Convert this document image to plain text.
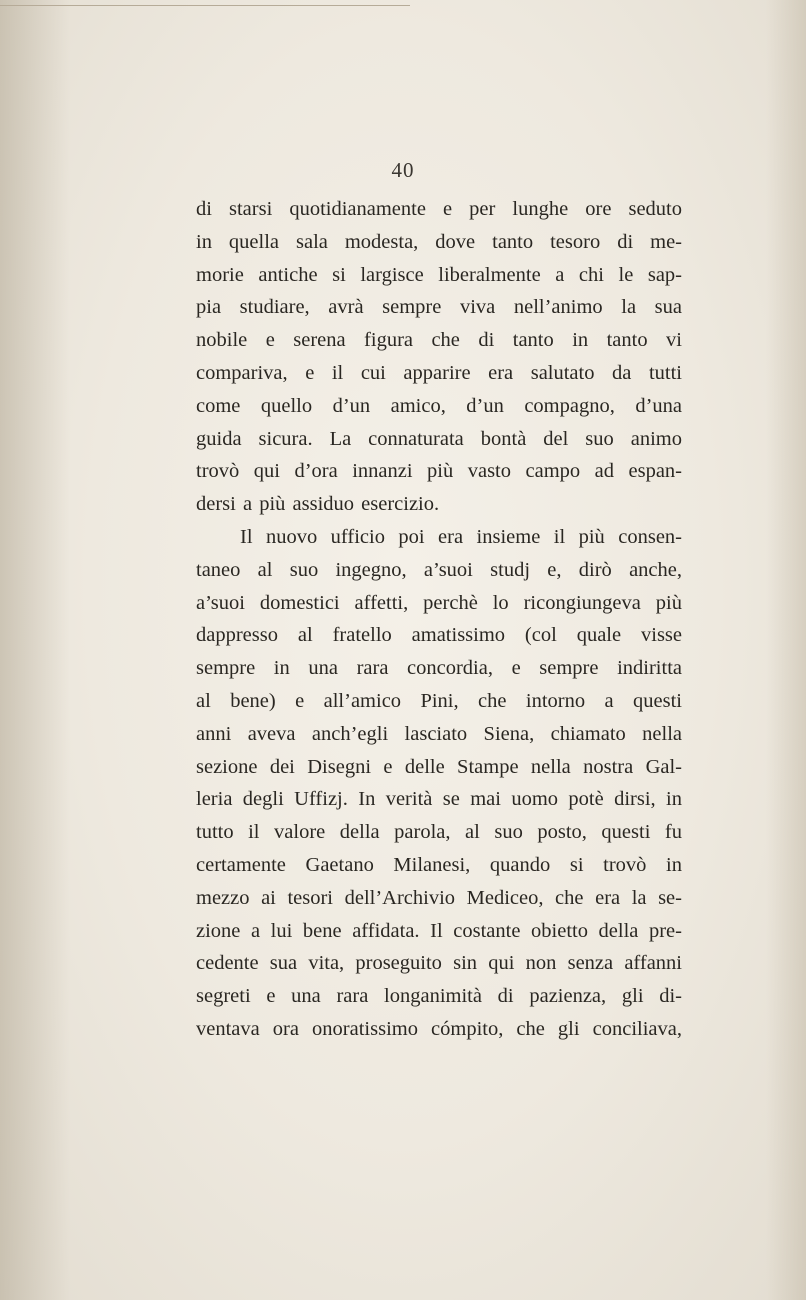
40
di starsi quotidianamente e per lunghe ore seduto
in quella sala modesta, dove tanto tesoro di me-
morie antiche si largisce liberalmente a chi le sap-
pia studiare, avrà sempre viva nell’animo la sua
nobile e serena figura che di tanto in tanto vi
compariva, e il cui apparire era salutato da tutti
come quello d’un amico, d’un compagno, d’una
guida sicura. La connaturata bontà del suo animo
trovò qui d’ora innanzi più vasto campo ad espan-
dersi a più assiduo esercizio.
Il nuovo ufficio poi era insieme il più consen-
taneo al suo ingegno, a’suoi studj e, dirò anche,
a’suoi domestici affetti, perchè lo ricongiungeva più
dappresso al fratello amatissimo (col quale visse
sempre in una rara concordia, e sempre indiritta
al bene) e all’amico Pini, che intorno a questi
anni aveva anch’egli lasciato Siena, chiamato nella
sezione dei Disegni e delle Stampe nella nostra Gal-
leria degli Uffizj. In verità se mai uomo potè dirsi, in
tutto il valore della parola, al suo posto, questi fu
certamente Gaetano Milanesi, quando si trovò in
mezzo ai tesori dell’Archivio Mediceo, che era la se-
zione a lui bene affidata. Il costante obietto della pre-
cedente sua vita, proseguito sin qui non senza affanni
segreti e una rara longanimità di pazienza, gli di-
ventava ora onoratissimo cómpito, che gli conciliava,
